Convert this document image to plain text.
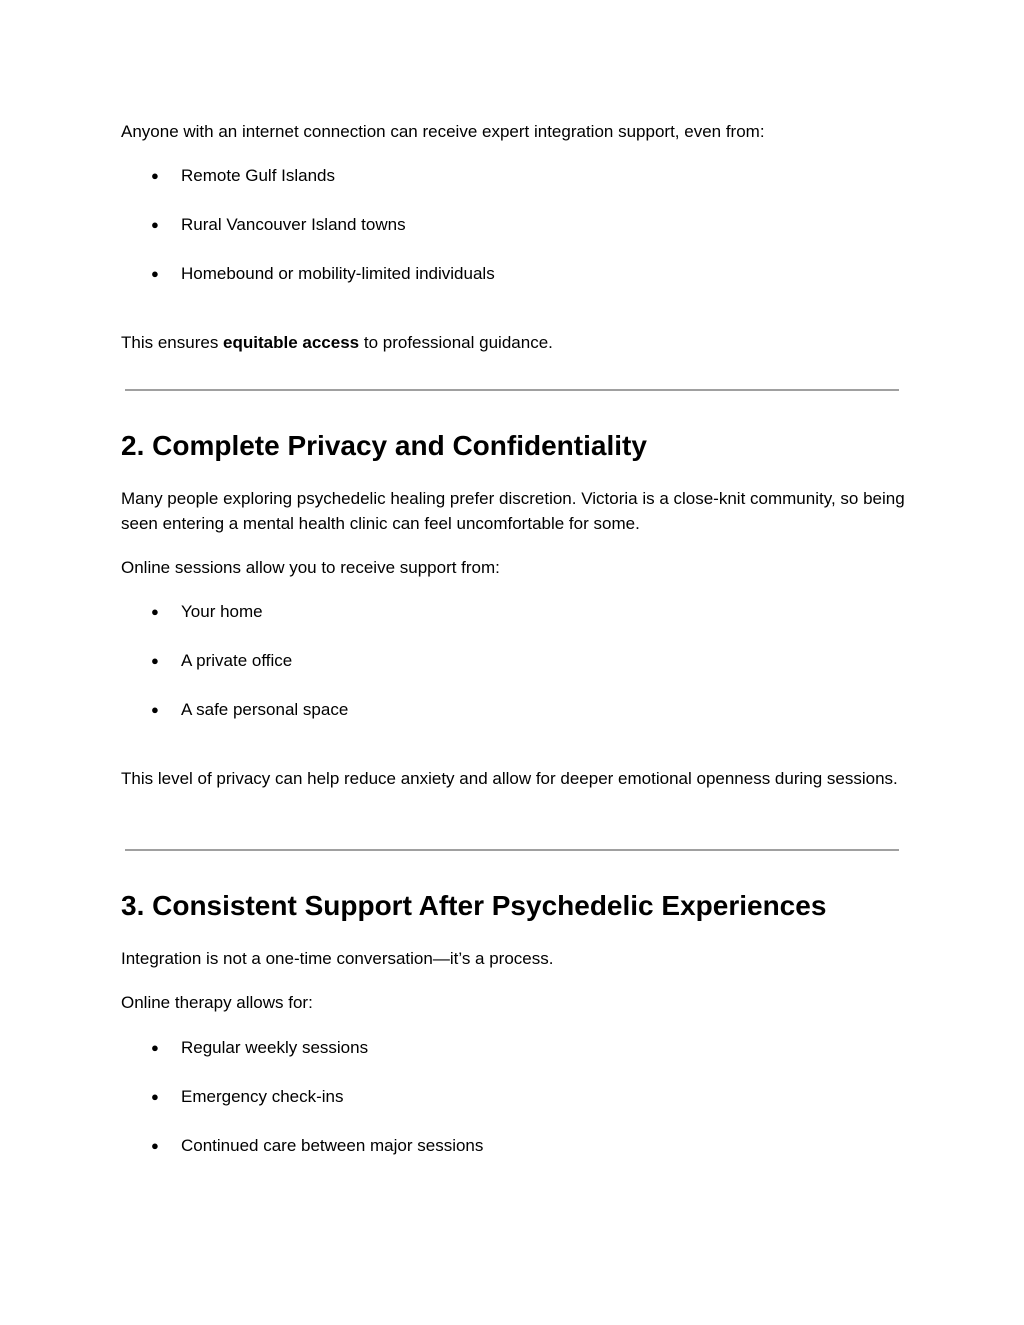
Anyone with an internet connection can receive expert integration support, even from:

● Remote Gulf Islands
● Rural Vancouver Island towns
● Homebound or mobility-limited individuals

This ensures equitable access to professional guidance.

2. Complete Privacy and Confidentiality

Many people exploring psychedelic healing prefer discretion. Victoria is a close-knit community, so being seen entering a mental health clinic can feel uncomfortable for some.

Online sessions allow you to receive support from:

● Your home
● A private office
● A safe personal space

This level of privacy can help reduce anxiety and allow for deeper emotional openness during sessions.

3. Consistent Support After Psychedelic Experiences

Integration is not a one-time conversation—it’s a process.

Online therapy allows for:

● Regular weekly sessions
● Emergency check-ins
● Continued care between major sessions
